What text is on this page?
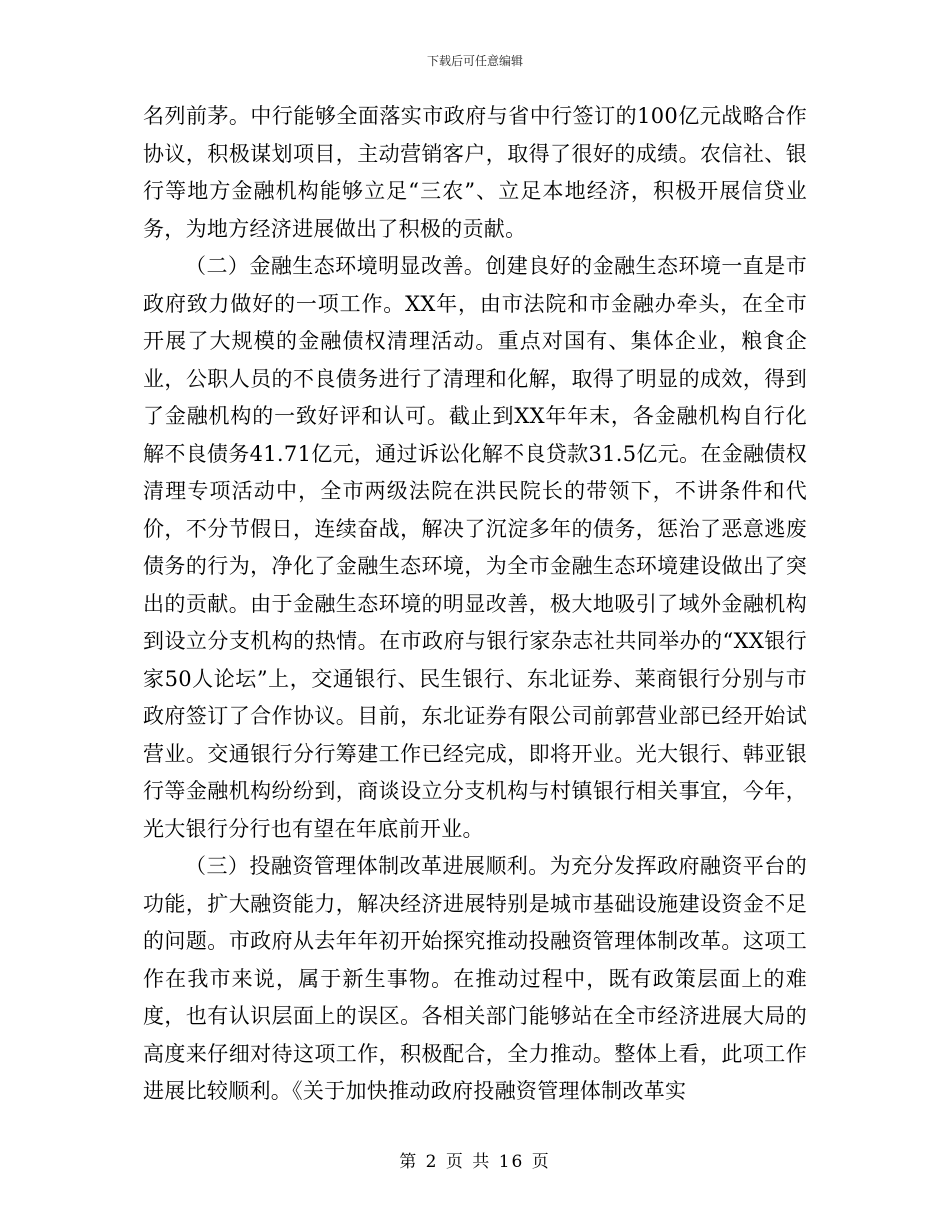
下载后可任意编辑

名列前茅。中行能够全面落实市政府与省中行签订的100亿元战略合作协议，积极谋划项目，主动营销客户，取得了很好的成绩。农信社、银行等地方金融机构能够立足“三农”、立足本地经济，积极开展信贷业务，为地方经济进展做出了积极的贡献。

（二）金融生态环境明显改善。创建良好的金融生态环境一直是市政府致力做好的一项工作。XX年，由市法院和市金融办牵头，在全市开展了大规模的金融债权清理活动。重点对国有、集体企业，粮食企业，公职人员的不良债务进行了清理和化解，取得了明显的成效，得到了金融机构的一致好评和认可。截止到XX年年末，各金融机构自行化解不良债务41.71亿元，通过诉讼化解不良贷款31.5亿元。在金融债权清理专项活动中，全市两级法院在洪民院长的带领下，不讲条件和代价，不分节假日，连续奋战，解决了沉淀多年的债务，惩治了恶意逃废债务的行为，净化了金融生态环境，为全市金融生态环境建设做出了突出的贡献。由于金融生态环境的明显改善，极大地吸引了域外金融机构到设立分支机构的热情。在市政府与银行家杂志社共同举办的“XX银行家50人论坛”上，交通银行、民生银行、东北证券、莱商银行分别与市政府签订了合作协议。目前，东北证券有限公司前郭营业部已经开始试营业。交通银行分行筹建工作已经完成，即将开业。光大银行、韩亚银行等金融机构纷纷到，商谈设立分支机构与村镇银行相关事宜，今年，光大银行分行也有望在年底前开业。

（三）投融资管理体制改革进展顺利。为充分发挥政府融资平台的功能，扩大融资能力，解决经济进展特别是城市基础设施建设资金不足的问题。市政府从去年年初开始探究推动投融资管理体制改革。这项工作在我市来说，属于新生事物。在推动过程中，既有政策层面上的难度，也有认识层面上的误区。各相关部门能够站在全市经济进展大局的高度来仔细对待这项工作，积极配合，全力推动。整体上看，此项工作进展比较顺利。《关于加快推动政府投融资管理体制改革实

第 2 页 共 16 页
